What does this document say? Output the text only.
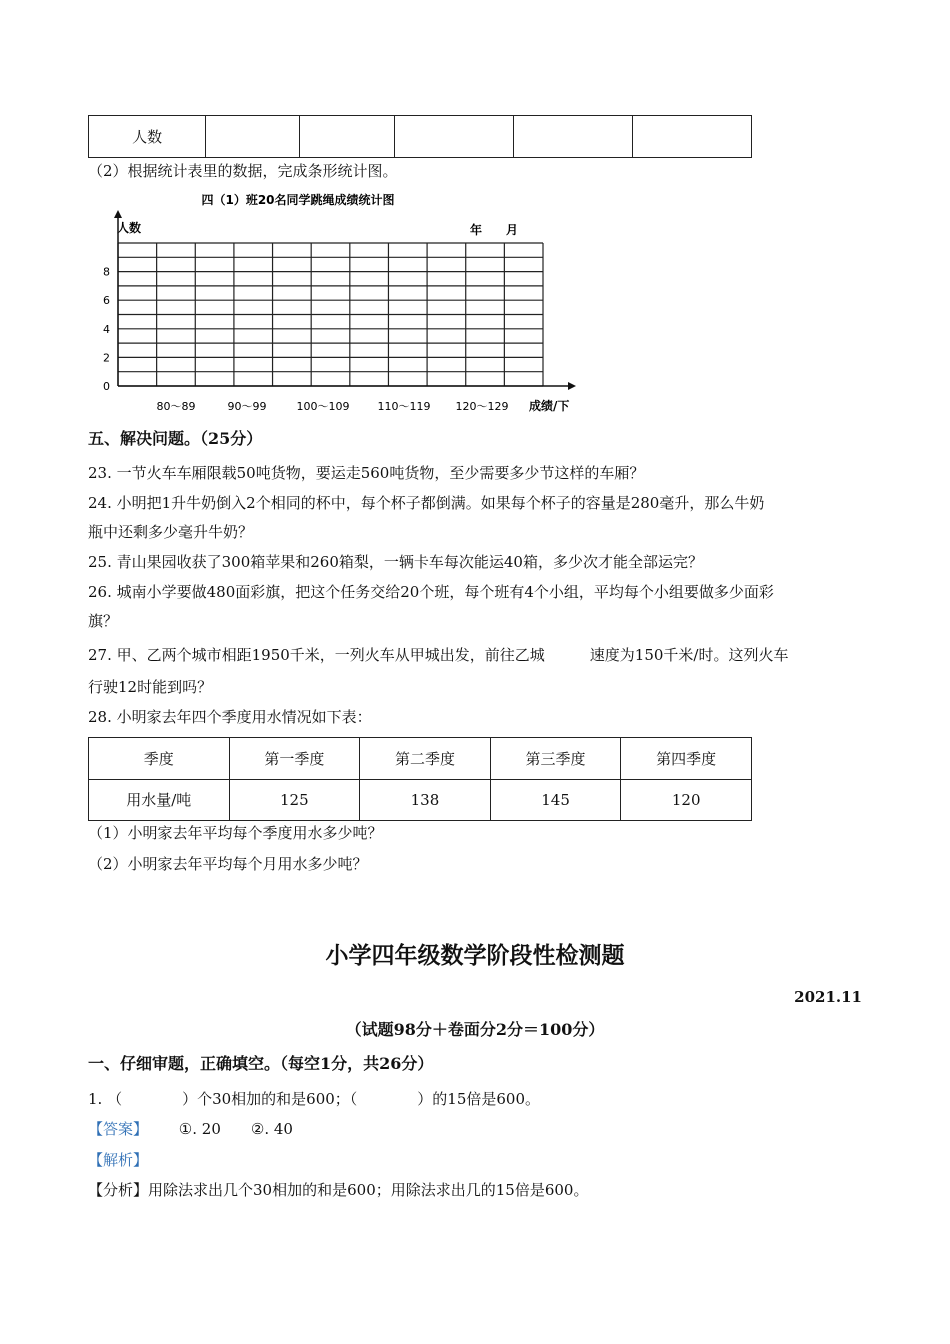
人数					
（2）根据统计表里的数据，完成条形统计图。
四（1）班20名同学跳绳成绩统计图
人数	年　　月
0
2
4
6
8
80～89	90～99	100～109	110～119 120～129 成绩/下
五、解决问题。（25分）
23. 一节火车车厢限载50吨货物，要运走560吨货物，至少需要多少节这样的车厢？
24. 小明把1升牛奶倒入2个相同的杯中，每个杯子都倒满。如果每个杯子的容量是280毫升，那么牛奶
瓶中还剩多少毫升牛奶？
25. 青山果园收获了300箱苹果和260箱梨，一辆卡车每次能运40箱，多少次才能全部运完？
26. 城南小学要做480面彩旗，把这个任务交给20个班，每个班有4个小组，平均每个小组要做多少面彩
旗？
27. 甲、乙两个城市相距1950千米，一列火车从甲城出发，前往乙城　　　速度为150千米/时。这列火车
行驶12时能到吗？
28. 小明家去年四个季度用水情况如下表：
季度	第一季度	第二季度	第三季度	第四季度
用水量/吨	125	138	145	120
（1）小明家去年平均每个季度用水多少吨？
（2）小明家去年平均每个月用水多少吨？
小学四年级数学阶段性检测题
2021.11
（试题98分＋卷面分2分＝100分）
一、仔细审题，正确填空。（每空1分，共26分）
1. （　　　　）个30相加的和是600；（　　　　）的15倍是600。
【答案】 ①. 20　　②. 40
【解析】
【分析】用除法求出几个30相加的和是600；用除法求出几的15倍是600。
